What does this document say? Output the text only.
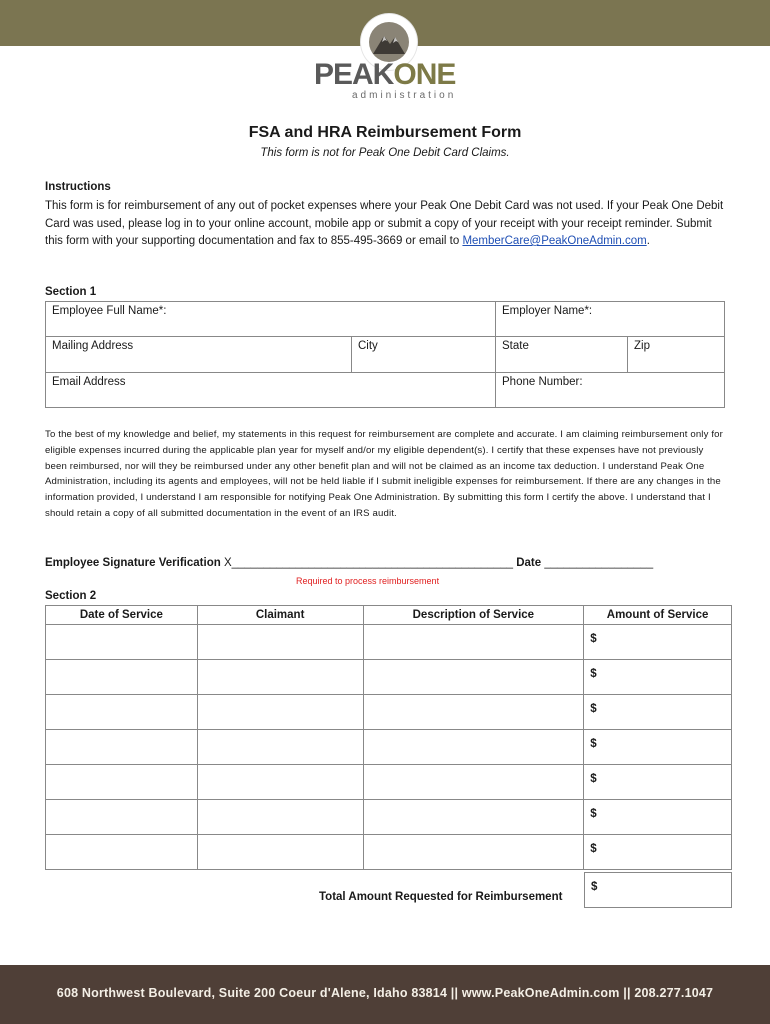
PEAKONE
administration
FSA and HRA Reimbursement Form
This form is not for Peak One Debit Card Claims.
Instructions
This form is for reimbursement of any out of pocket expenses where your Peak One Debit Card was not used. If your Peak One Debit Card was used, please log in to your online account, mobile app or submit a copy of your receipt with your receipt reminder. Submit this form with your supporting documentation and fax to 855-495-3669 or email to MemberCare@PeakOneAdmin.com.
Section 1
Employee Full Name*:	Employer Name*:
Mailing Address	City	State	Zip
Email Address	Phone Number:
To the best of my knowledge and belief, my statements in this request for reimbursement are complete and accurate. I am claiming reimbursement only for eligible expenses incurred during the applicable plan year for myself and/or my eligible dependent(s). I certify that these expenses have not previously been reimbursed, nor will they be reimbursed under any other benefit plan and will not be claimed as an income tax deduction. I understand Peak One Administration, including its agents and employees, will not be held liable if I submit ineligible expenses for reimbursement. If there are any changes in the information provided, I understand I am responsible for notifying Peak One Administration. By submitting this form I certify the above. I understand that I should retain a copy of all submitted documentation in the event of an IRS audit.
Employee Signature Verification X____________________________________________ Date _________________
Required to process reimbursement
Section 2
Date of Service	Claimant	Description of Service	Amount of Service
			$
			$
			$
			$
			$
			$
			$
Total Amount Requested for Reimbursement
$
608 Northwest Boulevard, Suite 200 Coeur d'Alene, Idaho 83814 || www.PeakOneAdmin.com || 208.277.1047
